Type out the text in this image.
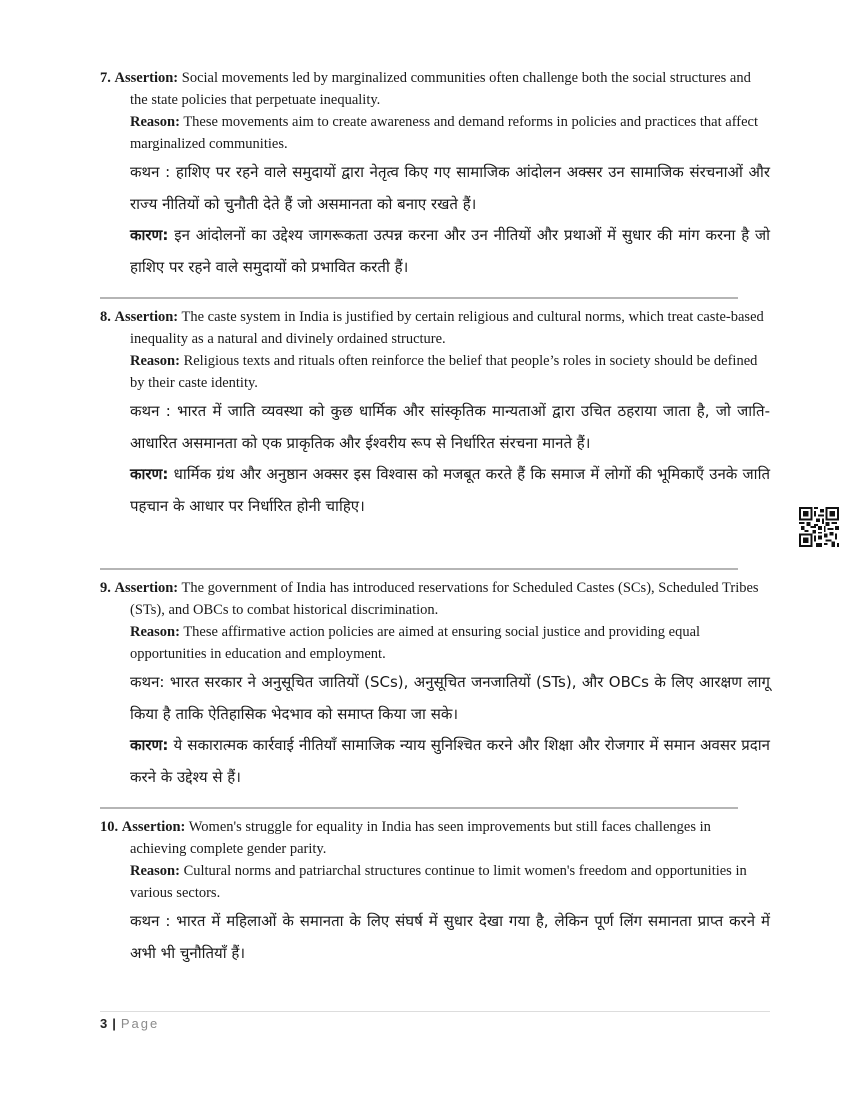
7. Assertion: Social movements led by marginalized communities often challenge both the social structures and the state policies that perpetuate inequality.

Reason: These movements aim to create awareness and demand reforms in policies and practices that affect marginalized communities.

कथन : हाशिए पर रहने वाले समुदायों द्वारा नेतृत्व किए गए सामाजिक आंदोलन अक्सर उन सामाजिक संरचनाओं और राज्य नीतियों को चुनौती देते हैं जो असमानता को बनाए रखते हैं।

कारण: इन आंदोलनों का उद्देश्य जागरूकता उत्पन्न करना और उन नीतियों और प्रथाओं में सुधार की मांग करना है जो हाशिए पर रहने वाले समुदायों को प्रभावित करती हैं।

8. Assertion: The caste system in India is justified by certain religious and cultural norms, which treat caste-based inequality as a natural and divinely ordained structure.

Reason: Religious texts and rituals often reinforce the belief that people’s roles in society should be defined by their caste identity.

कथन : भारत में जाति व्यवस्था को कुछ धार्मिक और सांस्कृतिक मान्यताओं द्वारा उचित ठहराया जाता है, जो जाति-आधारित असमानता को एक प्राकृतिक और ईश्वरीय रूप से निर्धारित संरचना मानते हैं।

कारण: धार्मिक ग्रंथ और अनुष्ठान अक्सर इस विश्वास को मजबूत करते हैं कि समाज में लोगों की भूमिकाएँ उनके जाति पहचान के आधार पर निर्धारित होनी चाहिए।

9. Assertion: The government of India has introduced reservations for Scheduled Castes (SCs), Scheduled Tribes (STs), and OBCs to combat historical discrimination.

Reason: These affirmative action policies are aimed at ensuring social justice and providing equal opportunities in education and employment.

कथन: भारत सरकार ने अनुसूचित जातियों (SCs), अनुसूचित जनजातियों (STs), और OBCs के लिए आरक्षण लागू किया है ताकि ऐतिहासिक भेदभाव को समाप्त किया जा सके।

कारण: ये सकारात्मक कार्रवाई नीतियाँ सामाजिक न्याय सुनिश्चित करने और शिक्षा और रोजगार में समान अवसर प्रदान करने के उद्देश्य से हैं।

10. Assertion: Women's struggle for equality in India has seen improvements but still faces challenges in achieving complete gender parity.

Reason: Cultural norms and patriarchal structures continue to limit women's freedom and opportunities in various sectors.

कथन : भारत में महिलाओं के समानता के लिए संघर्ष में सुधार देखा गया है, लेकिन पूर्ण लिंग समानता प्राप्त करने में अभी भी चुनौतियाँ हैं।

3 | Page
